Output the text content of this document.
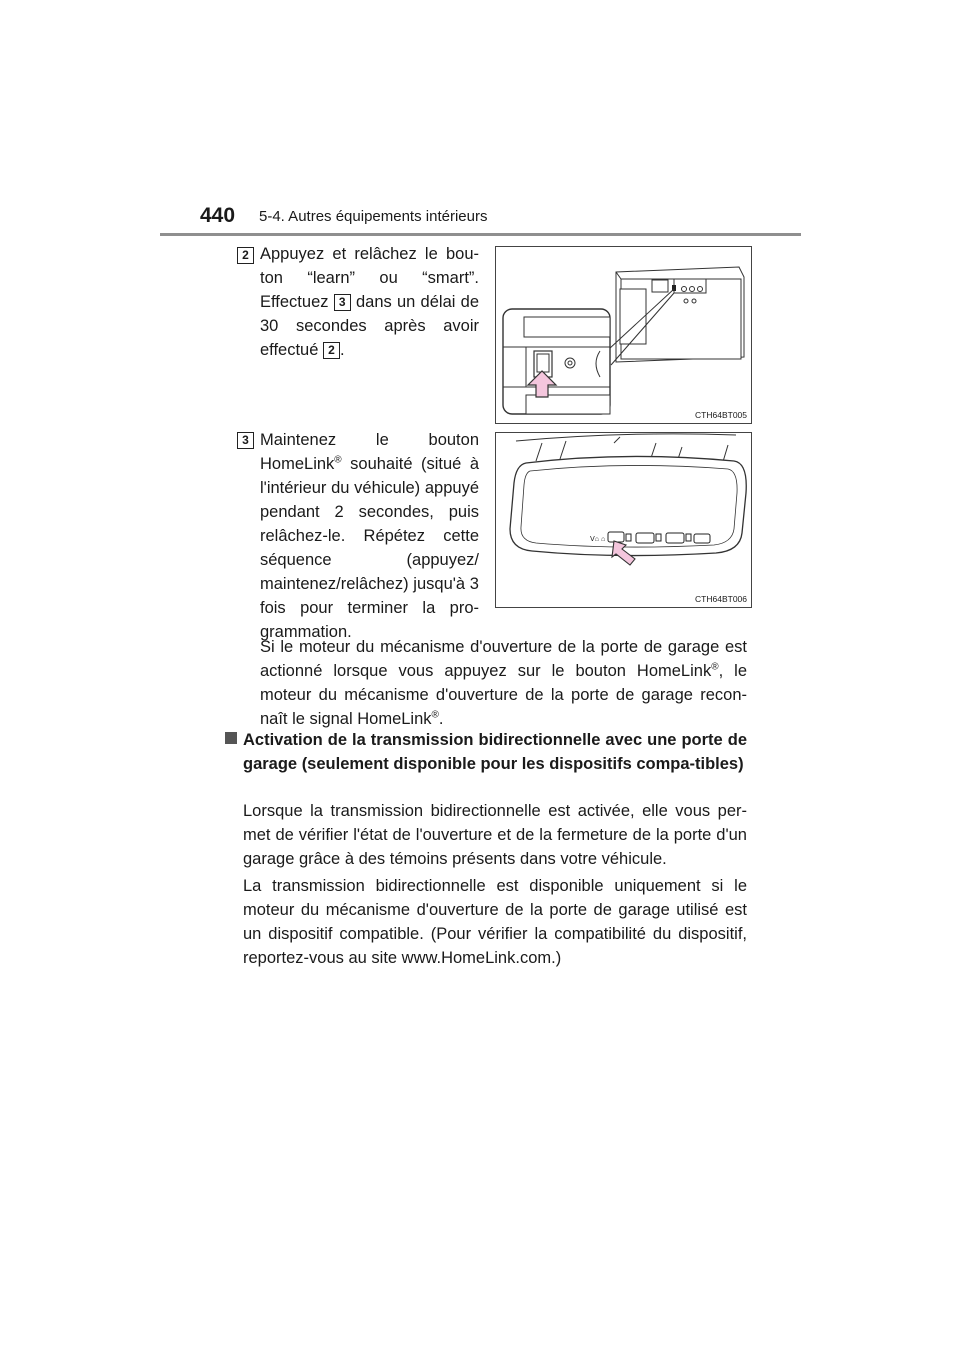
440 5-4. Autres équipements intérieurs
2 Appuyez et relâchez le bou-ton “learn” ou “smart”. Effectuez 3 dans un délai de 30 secondes après avoir effectué 2 .
CTH64BT005
3 Maintenez le bouton HomeLink® souhaité (situé à l'intérieur du véhicule) appuyé pendant 2 secondes, puis relâchez-le. Répétez cette séquence (appuyez/ maintenez/relâchez) jusqu'à 3 fois pour terminer la pro-grammation.
Ⅴ⌂ ⌂
CTH64BT006
Si le moteur du mécanisme d'ouverture de la porte de garage est actionné lorsque vous appuyez sur le bouton HomeLink®, le moteur du mécanisme d'ouverture de la porte de garage recon-naît le signal HomeLink®.
Activation de la transmission bidirectionnelle avec une porte de garage (seulement disponible pour les dispositifs compa-tibles)
Lorsque la transmission bidirectionnelle est activée, elle vous per-met de vérifier l'état de l'ouverture et de la fermeture de la porte d'un garage grâce à des témoins présents dans votre véhicule.
La transmission bidirectionnelle est disponible uniquement si le moteur du mécanisme d'ouverture de la porte de garage utilisé est un dispositif compatible. (Pour vérifier la compatibilité du dispositif, reportez-vous au site www.HomeLink.com.)
